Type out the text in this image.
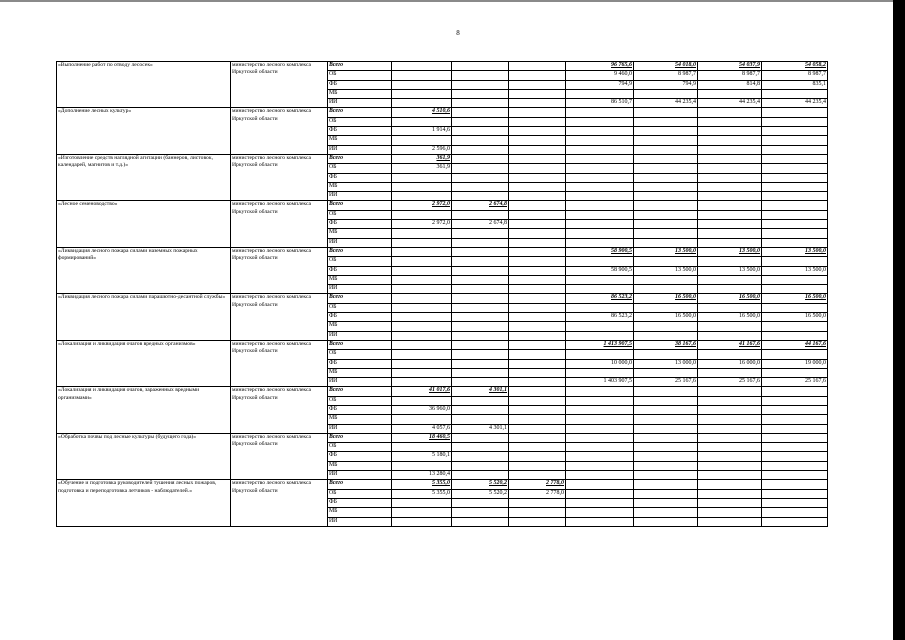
8
«Выполнение работ по отводу лесосек»	министерство лесного комплекса Иркутской области	Всего				96 765,6	54 018,0	54 037,9	54 058,2	
		ОБ				9 460,0	8 987,7	8 987,7	8 987,7	
		ФБ				794,9	794,9	814,8	835,1	
		МБ								
		ИИ				86 510,7	44 235,4	44 235,4	44 235,4	
«Дополнение лесных культур»	министерство лесного комплекса Иркутской области	Всего	4 510,6							
		ОБ								
		ФБ	1 914,6							
		МБ								
		ИИ	2 596,0							
«Изготовление средств наглядной агитации (баннеров, листовок, календарей, магнитов и т.д.)»	министерство лесного комплекса Иркутской области	Всего	361,9							
		ОБ	361,9							
		ФБ								
		МБ								
		ИИ								
«Лесное семеноводство»	министерство лесного комплекса Иркутской области	Всего	2 972,0	2 674,8						
		ОБ								
		ФБ	2 972,0	2 674,8						
		МБ								
		ИИ								
«Ликвидация лесного пожара силами наземных пожарных формирований»	министерство лесного комплекса Иркутской области	Всего				58 900,5	13 500,0	13 500,0	13 500,0	
		ОБ								
		ФБ				58 900,5	13 500,0	13 500,0	13 500,0	
		МБ								
		ИИ								
«Ликвидация лесного пожара силами парашютно-десантной службы»	министерство лесного комплекса Иркутской области	Всего				86 523,2	16 500,0	16 500,0	16 500,0	
		ОБ								
		ФБ				86 523,2	16 500,0	16 500,0	16 500,0	
		МБ								
		ИИ								
«Локализация и ликвидация очагов вредных организмов»	министерство лесного комплекса Иркутской области	Всего				1 413 907,5	38 167,6	41 167,6	44 167,6	
		ОБ								
		ФБ				10 000,0	13 000,0	16 000,0	19 000,0	
		МБ								
		ИИ				1 403 907,5	25 167,6	25 167,6	25 167,6	
«Локализация и ликвидация очагов, зараженных вредными организмами»	министерство лесного комплекса Иркутской области	Всего	41 017,6	4 301,1						
		ОБ								
		ФБ	36 960,0							
		МБ								
		ИИ	4 057,6	4 301,1						
«Обработка почвы под лесные культуры (будущего года)»	министерство лесного комплекса Иркутской области	Всего	18 460,5							
		ОБ								
		ФБ	5 180,1							
		МБ								
		ИИ	13 280,4							
«Обучение и подготовка руководителей тушения лесных пожаров, подготовка и переподготовка летчиков - наблюдателей.»	министерство лесного комплекса Иркутской области	Всего	5 355,0	5 520,2	2 778,0					
		ОБ	5 355,0	5 520,2	2 778,0					
		ФБ								
		МБ								
		ИИ								
